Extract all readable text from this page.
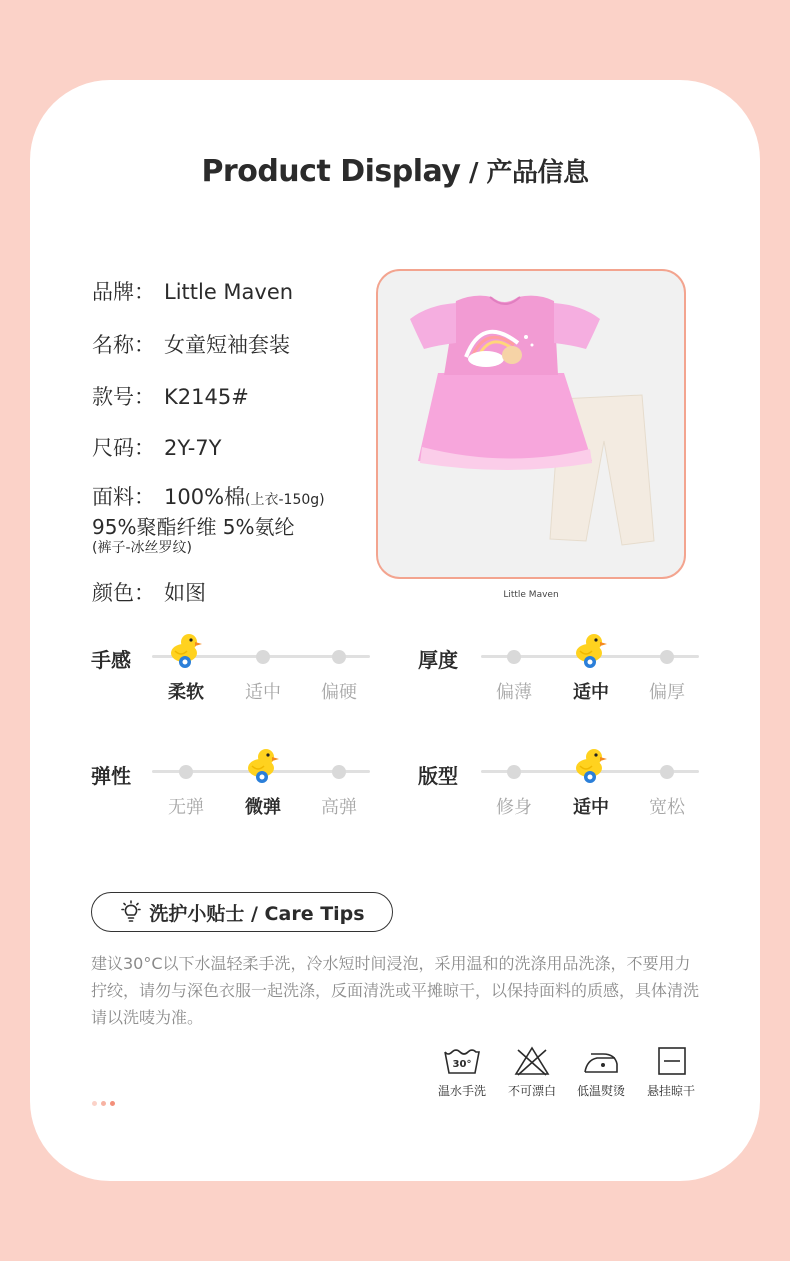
Product Display / 产品信息
品牌： Little Maven
名称： 女童短袖套装
款号： K2145#
尺码： 2Y-7Y
面料： 100%棉(上衣-150g)
95%聚酯纤维 5%氨纶
(裤子-冰丝罗纹)
颜色： 如图	Little Maven
手感
柔软	适中	偏硬
厚度
偏薄	适中	偏厚
弹性
无弹	微弹	高弹
版型
修身	适中	宽松
洗护小贴士 / Care Tips
建议30°C以下水温轻柔手洗，冷水短时间浸泡，采用温和的洗涤用品洗涤，不要用力拧绞，请勿与深色衣服一起洗涤，反面清洗或平摊晾干，以保持面料的质感，具体清洗请以洗唛为准。
30°
温水手洗	不可漂白	低温熨烫	悬挂晾干
